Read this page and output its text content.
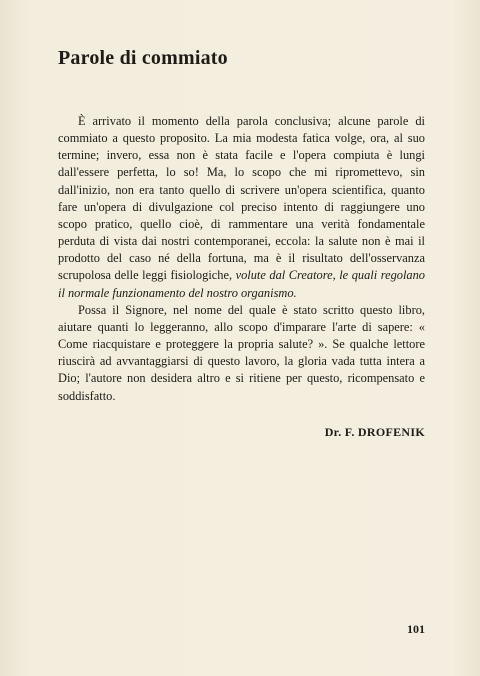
Parole di commiato

È arrivato il momento della parola conclusiva; alcune parole di commiato a questo proposito. La mia modesta fatica volge, ora, al suo termine; invero, essa non è stata facile e l'opera compiuta è lungi dall'essere perfetta, lo so! Ma, lo scopo che mi ripromettevo, sin dall'inizio, non era tanto quello di scrivere un'opera scientifica, quanto fare un'opera di divulgazione col preciso intento di raggiungere uno scopo pratico, quello cioè, di rammentare una verità fondamentale perduta di vista dai nostri contemporanei, eccola: la salute non è mai il prodotto del caso né della fortuna, ma è il risultato dell'osservanza scrupolosa delle leggi fisiologiche, volute dal Creatore, le quali regolano il normale funzionamento del nostro organismo.

Possa il Signore, nel nome del quale è stato scritto questo libro, aiutare quanti lo leggeranno, allo scopo d'imparare l'arte di sapere: « Come riacquistare e proteggere la propria salute? ». Se qualche lettore riuscirà ad avvantaggiarsi di questo lavoro, la gloria vada tutta intera a Dio; l'autore non desidera altro e si ritiene per questo, ricompensato e soddisfatto.

Dr. F. DROFENIK
101
